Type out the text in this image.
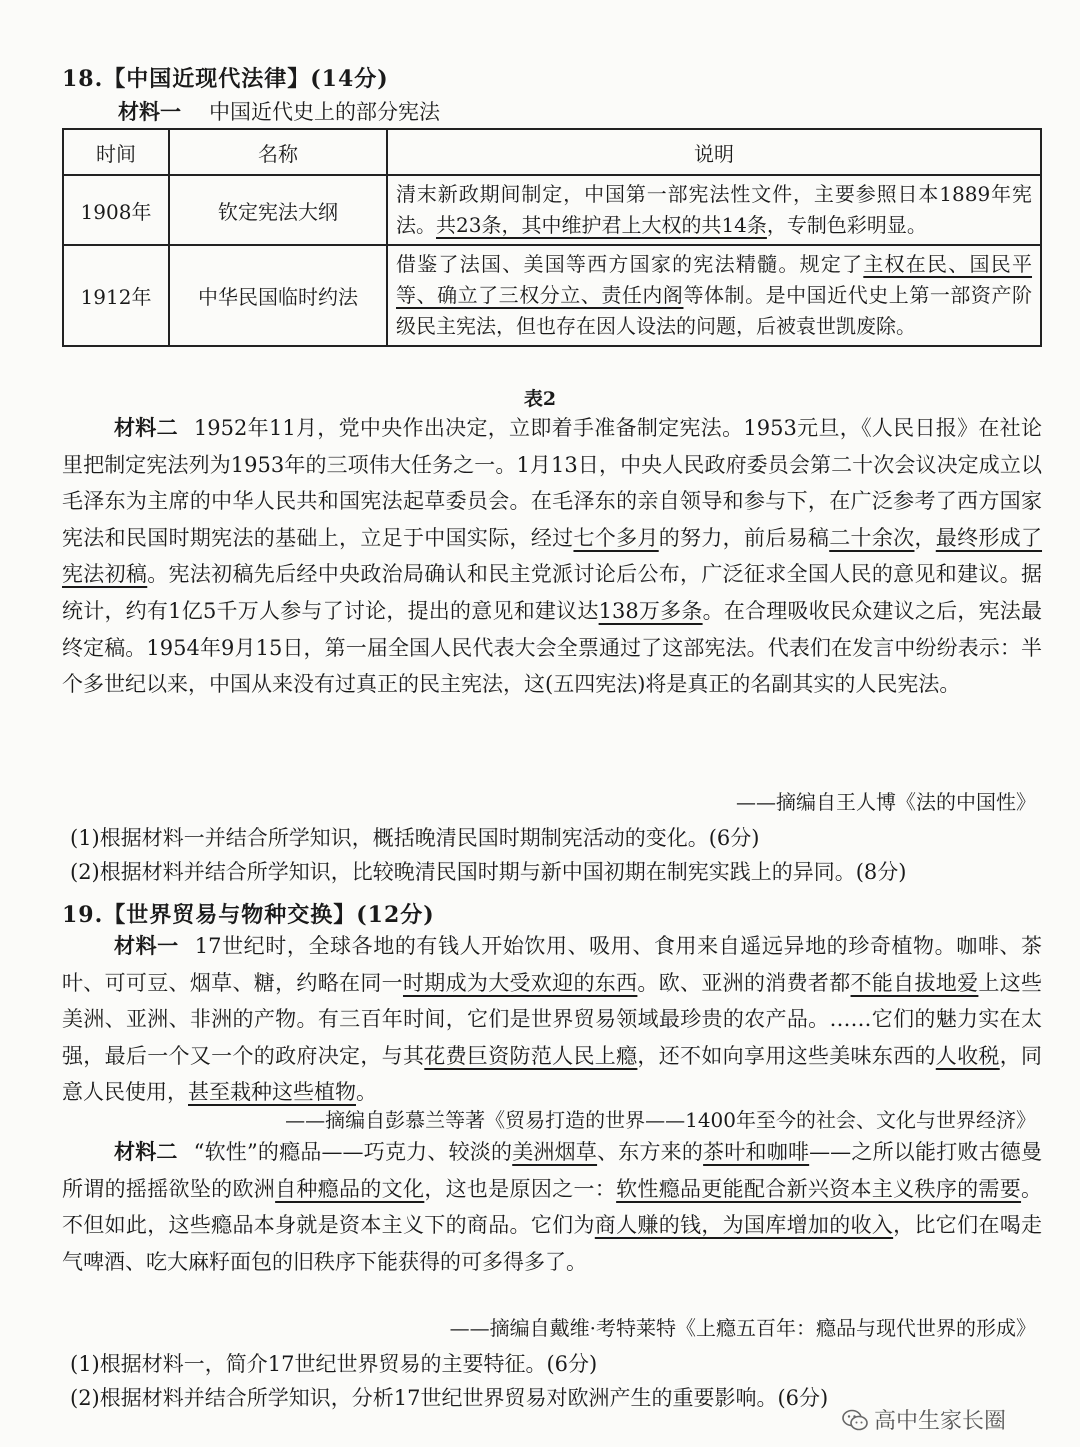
18.【中国近现代法律】(14分)
材料一 中国近代史上的部分宪法
时间	名称	说明
1908年	钦定宪法大纲	清末新政期间制定，中国第一部宪法性文件，主要参照日本1889年宪法。共23条，其中维护君上大权的共14条，专制色彩明显。
1912年	中华民国临时约法	借鉴了法国、美国等西方国家的宪法精髓。规定了主权在民、国民平等、确立了三权分立、责任内阁等体制。是中国近代史上第一部资产阶级民主宪法，但也存在因人设法的问题，后被袁世凯废除。
表2
材料二 1952年11月，党中央作出决定，立即着手准备制定宪法。1953元旦，《人民日报》在社论里把制定宪法列为1953年的三项伟大任务之一。1月13日，中央人民政府委员会第二十次会议决定成立以毛泽东为主席的中华人民共和国宪法起草委员会。在毛泽东的亲自领导和参与下，在广泛参考了西方国家宪法和民国时期宪法的基础上，立足于中国实际，经过七个多月的努力，前后易稿二十余次，最终形成了宪法初稿。宪法初稿先后经中央政治局确认和民主党派讨论后公布，广泛征求全国人民的意见和建议。据统计，约有1亿5千万人参与了讨论，提出的意见和建议达138万多条。在合理吸收民众建议之后，宪法最终定稿。1954年9月15日，第一届全国人民代表大会全票通过了这部宪法。代表们在发言中纷纷表示：半个多世纪以来，中国从来没有过真正的民主宪法，这(五四宪法)将是真正的名副其实的人民宪法。
——摘编自王人博《法的中国性》
(1)根据材料一并结合所学知识，概括晚清民国时期制宪活动的变化。(6分)
(2)根据材料并结合所学知识，比较晚清民国时期与新中国初期在制宪实践上的异同。(8分)
19.【世界贸易与物种交换】(12分)
材料一 17世纪时，全球各地的有钱人开始饮用、吸用、食用来自遥远异地的珍奇植物。咖啡、茶叶、可可豆、烟草、糖，约略在同一时期成为大受欢迎的东西。欧、亚洲的消费者都不能自拔地爱上这些美洲、亚洲、非洲的产物。有三百年时间，它们是世界贸易领域最珍贵的农产品。……它们的魅力实在太强，最后一个又一个的政府决定，与其花费巨资防范人民上瘾，还不如向享用这些美味东西的人收税，同意人民使用，甚至栽种这些植物。
——摘编自彭慕兰等著《贸易打造的世界——1400年至今的社会、文化与世界经济》
材料二 “软性”的瘾品——巧克力、较淡的美洲烟草、东方来的茶叶和咖啡——之所以能打败古德曼所谓的摇摇欲坠的欧洲自种瘾品的文化，这也是原因之一：软性瘾品更能配合新兴资本主义秩序的需要。不但如此，这些瘾品本身就是资本主义下的商品。它们为商人赚的钱，为国库增加的收入，比它们在喝走气啤酒、吃大麻籽面包的旧秩序下能获得的可多得多了。
——摘编自戴维·考特莱特《上瘾五百年：瘾品与现代世界的形成》
(1)根据材料一，简介17世纪世界贸易的主要特征。(6分)
(2)根据材料并结合所学知识，分析17世纪世界贸易对欧洲产生的重要影响。(6分)
高中生家长圈
